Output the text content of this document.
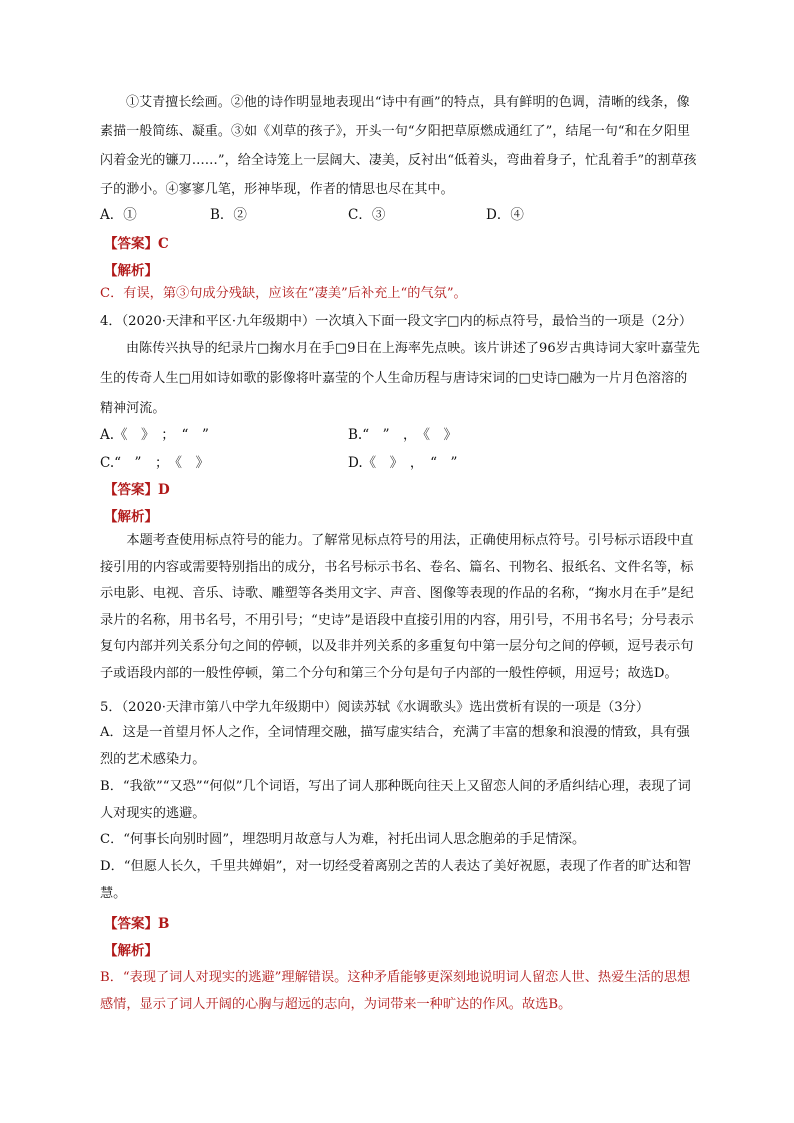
①艾青擅长绘画。②他的诗作明显地表现出“诗中有画”的特点，具有鲜明的色调，清晰的线条，像素描一般简练、凝重。③如《刈草的孩子》，开头一句“夕阳把草原燃成通红了”，结尾一句“和在夕阳里闪着金光的镰刀……”，给全诗笼上一层阔大、凄美，反衬出“低着头，弯曲着身子，忙乱着手”的割草孩子的渺小。④寥寥几笔，形神毕现，作者的情思也尽在其中。
A．①	B．②	C．③	D．④
【答案】C
【解析】
C．有误，第③句成分残缺，应该在“凄美”后补充上“的气氛”。
4．（2020·天津和平区·九年级期中）一次填入下面一段文字□内的标点符号，最恰当的一项是（2分）
由陈传兴执导的纪录片□掬水月在手□9日在上海率先点映。该片讲述了96岁古典诗词大家叶嘉莹先生的传奇人生□用如诗如歌的影像将叶嘉莹的个人生命历程与唐诗宋词的□史诗□融为一片月色溶溶的精神河流。
A.《　》　；　“　”	B.“　”　，　《　》
C.“　”　；　《　》	D.《　》　，　“　”
【答案】D
【解析】
本题考查使用标点符号的能力。了解常见标点符号的用法，正确使用标点符号。引号标示语段中直接引用的内容或需要特别指出的成分，书名号标示书名、卷名、篇名、刊物名、报纸名、文件名等，标示电影、电视、音乐、诗歌、雕塑等各类用文字、声音、图像等表现的作品的名称，“掬水月在手”是纪录片的名称，用书名号，不用引号；“史诗”是语段中直接引用的内容，用引号，不用书名号；分号表示复句内部并列关系分句之间的停顿，以及非并列关系的多重复句中第一层分句之间的停顿，逗号表示句子或语段内部的一般性停顿，第二个分句和第三个分句是句子内部的一般性停顿，用逗号；故选D。
5．（2020·天津市第八中学九年级期中）阅读苏轼《水调歌头》选出赏析有误的一项是（3分）
A．这是一首望月怀人之作，全词情理交融，描写虚实结合，充满了丰富的想象和浪漫的情致，具有强烈的艺术感染力。
B．“我欲”“又恐”“何似”几个词语，写出了词人那种既向往天上又留恋人间的矛盾纠结心理，表现了词人对现实的逃避。
C．“何事长向别时圆”，埋怨明月故意与人为难，衬托出词人思念胞弟的手足情深。
D．“但愿人长久，千里共婵娟”，对一切经受着离别之苦的人表达了美好祝愿，表现了作者的旷达和智慧。
【答案】B
【解析】
B．“表现了词人对现实的逃避”理解错误。这种矛盾能够更深刻地说明词人留恋人世、热爱生活的思想感情，显示了词人开阔的心胸与超远的志向，为词带来一种旷达的作风。故选B。
